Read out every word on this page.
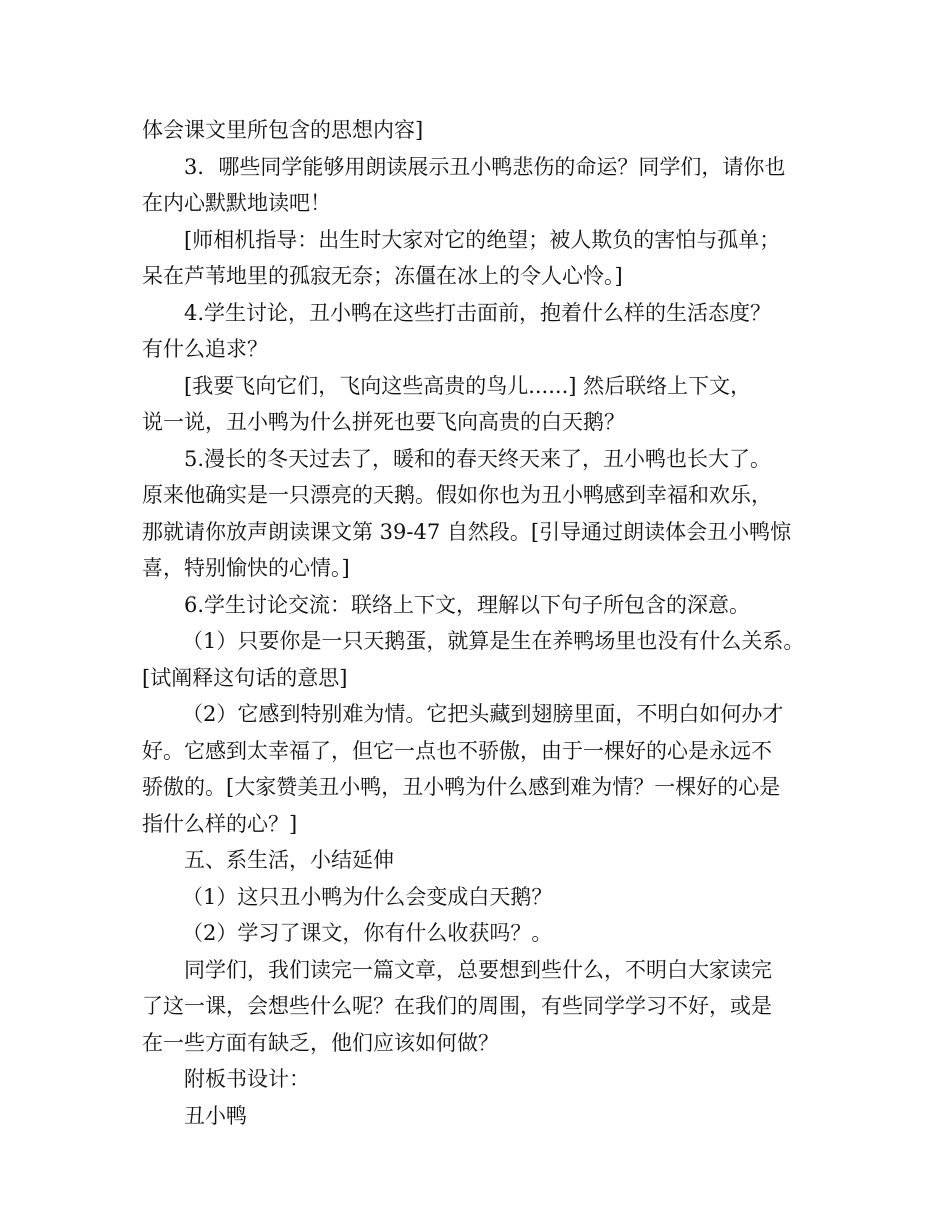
体会课文里所包含的思想内容]
3．哪些同学能够用朗读展示丑小鸭悲伤的命运？同学们，请你也
在内心默默地读吧！
[师相机指导：出生时大家对它的绝望；被人欺负的害怕与孤单；
呆在芦苇地里的孤寂无奈；冻僵在冰上的令人心怜。]
4.学生讨论，丑小鸭在这些打击面前，抱着什么样的生活态度？
有什么追求？
[我要飞向它们，飞向这些高贵的鸟儿......] 然后联络上下文，
说一说，丑小鸭为什么拼死也要飞向高贵的白天鹅？
5.漫长的冬天过去了，暖和的春天终天来了，丑小鸭也长大了。
原来他确实是一只漂亮的天鹅。假如你也为丑小鸭感到幸福和欢乐，
那就请你放声朗读课文第 39-47 自然段。[引导通过朗读体会丑小鸭惊
喜，特别愉快的心情。]
6.学生讨论交流：联络上下文，理解以下句子所包含的深意。
（1）只要你是一只天鹅蛋，就算是生在养鸭场里也没有什么关系。
[试阐释这句话的意思]
（2）它感到特别难为情。它把头藏到翅膀里面，不明白如何办才
好。它感到太幸福了，但它一点也不骄傲，由于一棵好的心是永远不
骄傲的。[大家赞美丑小鸭，丑小鸭为什么感到难为情？一棵好的心是
指什么样的心？]
五、系生活，小结延伸
（1）这只丑小鸭为什么会变成白天鹅？
（2）学习了课文，你有什么收获吗？。
同学们，我们读完一篇文章，总要想到些什么，不明白大家读完
了这一课，会想些什么呢？在我们的周围，有些同学学习不好，或是
在一些方面有缺乏，他们应该如何做？
附板书设计：
丑小鸭
